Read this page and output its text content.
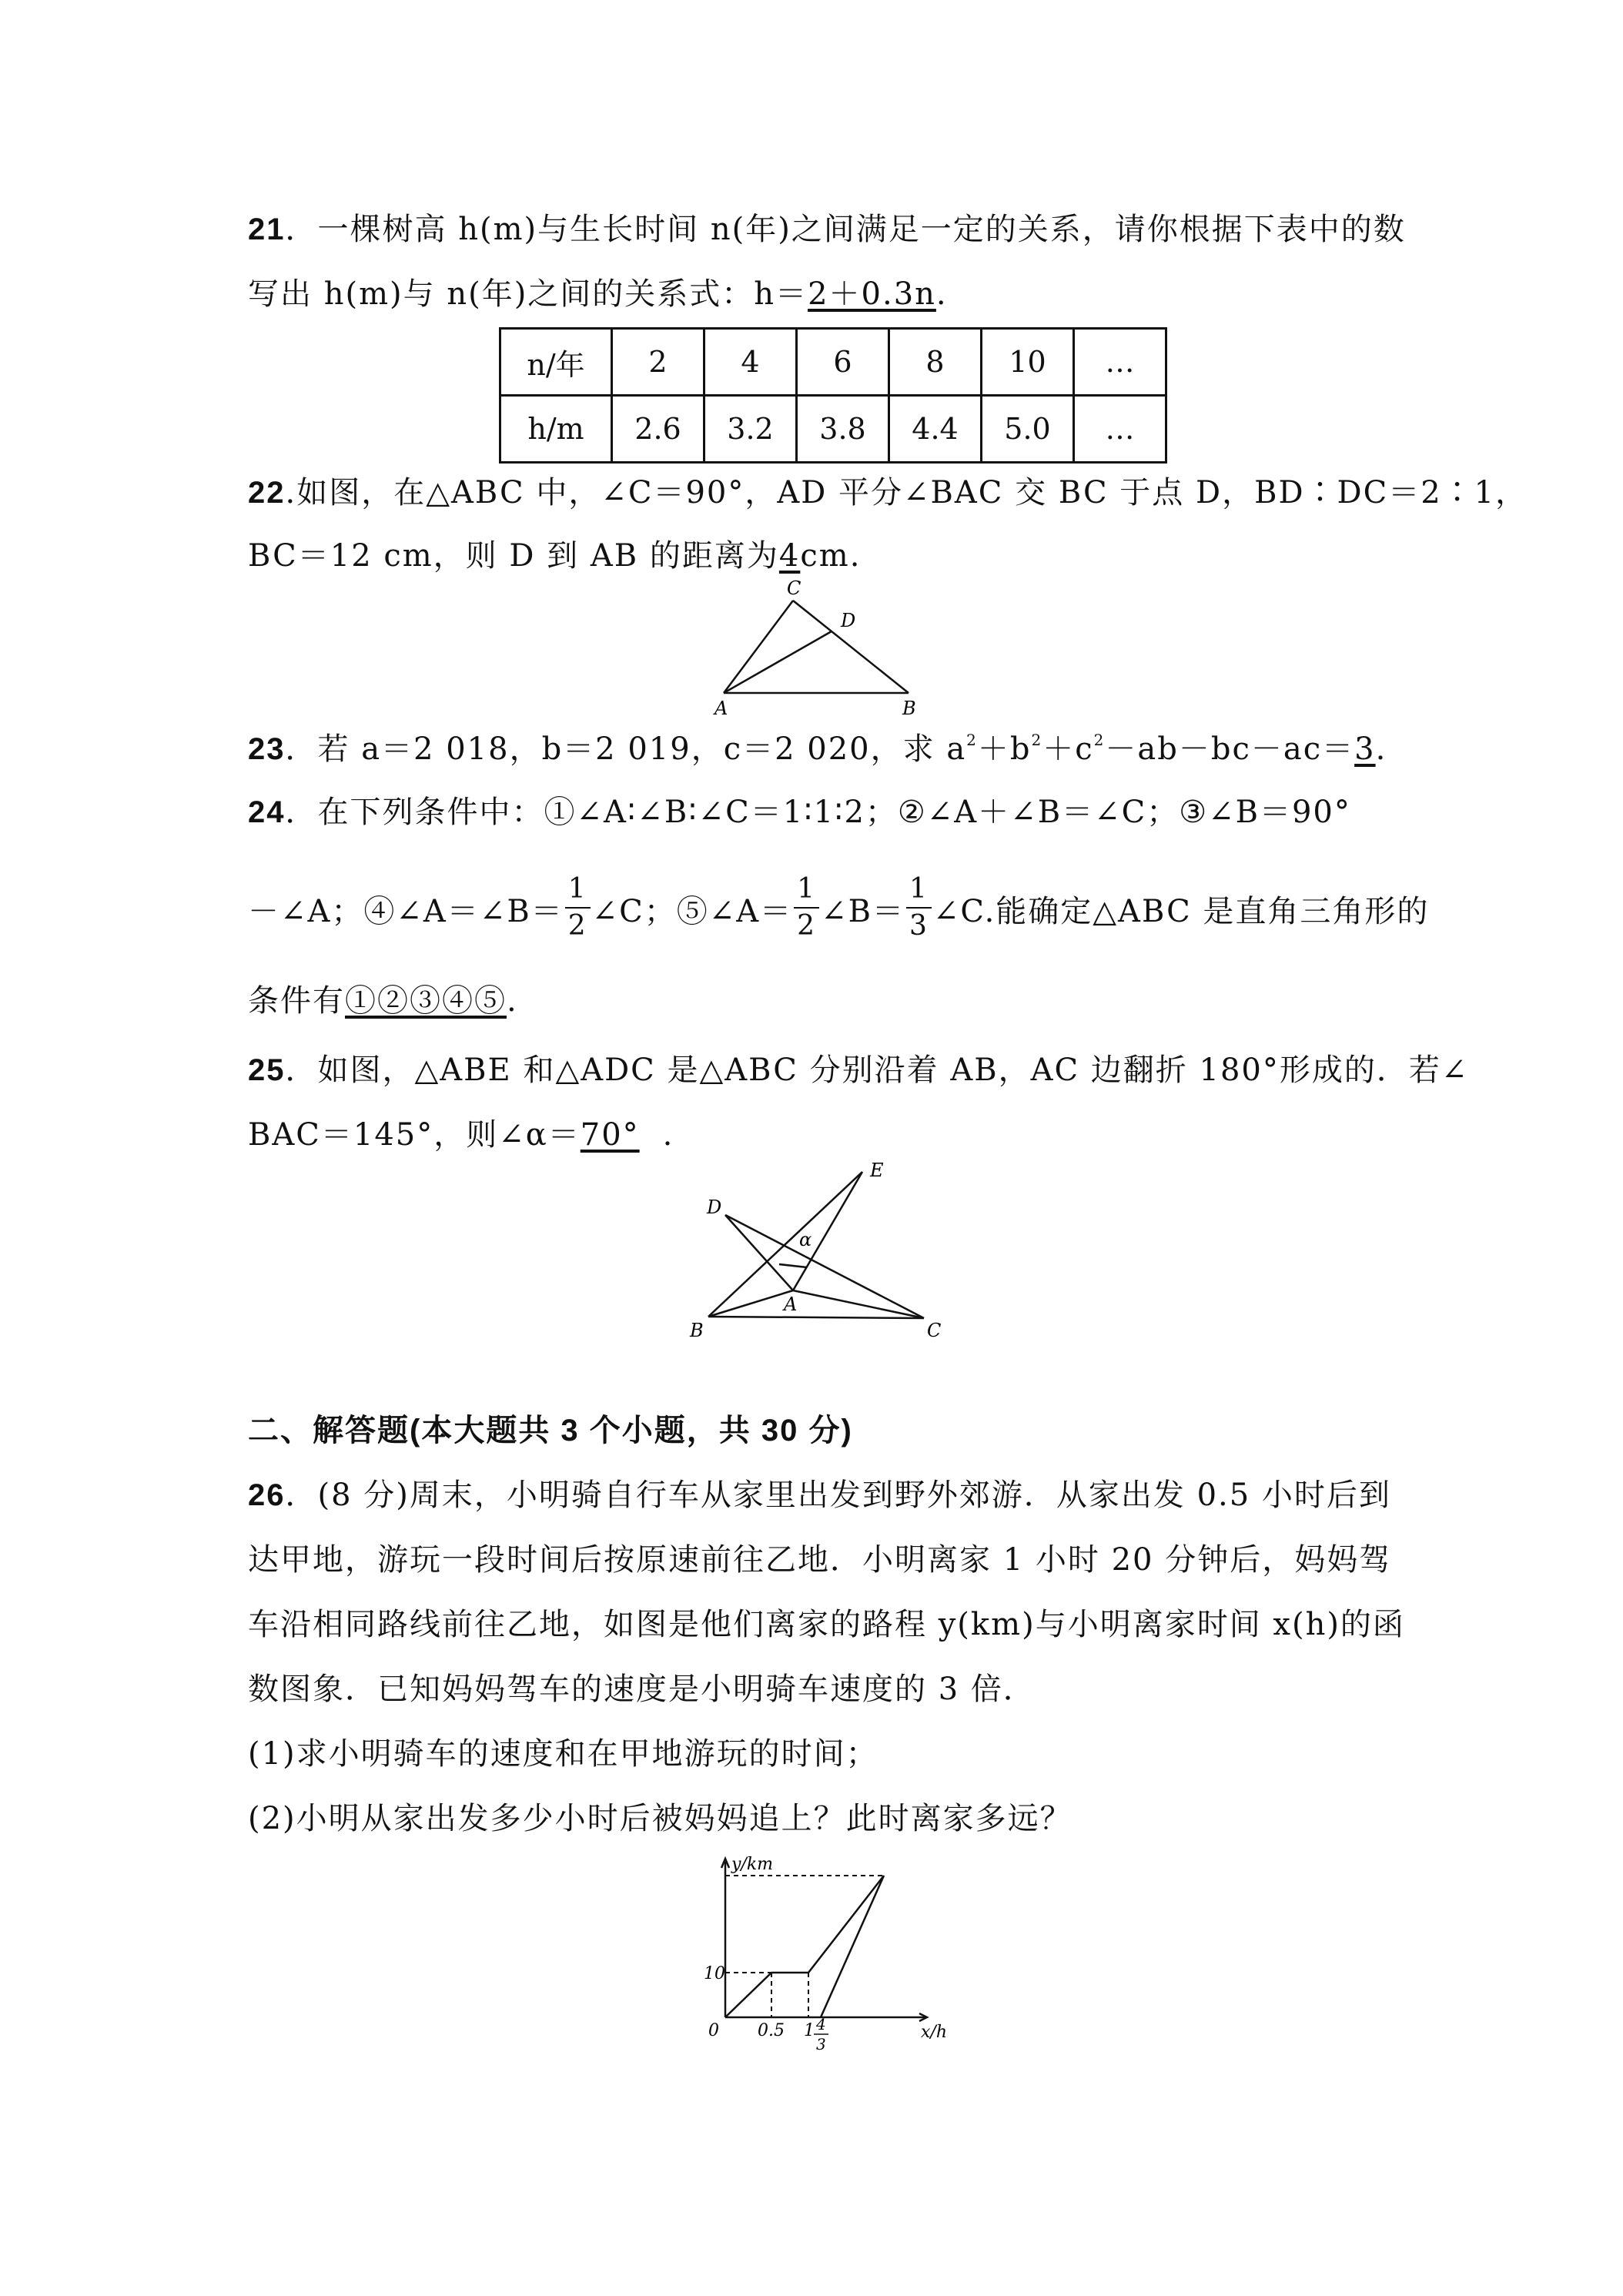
21．一棵树高 h(m)与生长时间 n(年)之间满足一定的关系，请你根据下表中的数
写出 h(m)与 n(年)之间的关系式：h＝2＋0.3n.
n/年	2	4	6	8	10	…
h/m	2.6	3.2	3.8	4.4	5.0	…
22.如图，在△ABC 中，∠C＝90°，AD 平分∠BAC 交 BC 于点 D，BD∶DC＝2∶1，
BC＝12 cm，则 D 到 AB 的距离为4cm.
C
D
A	B
23．若 a＝2 018，b＝2 019，c＝2 020，求 $a^2+b^2+c^2-ab-bc-ac=3$.
24．在下列条件中：①∠A∶∠B∶∠C＝1∶1∶2；②∠A＋∠B＝∠C；③∠B＝90°
－∠A；④∠A＝∠B＝ $\frac{1}{2}$ ∠C；⑤∠A＝ $\frac{1}{2}$ ∠B＝ $\frac{1}{3}$ ∠C.能确定△ABC 是直角三角形的
条件有①②③④⑤.
25．如图，△ABE 和△ADC 是△ABC 分别沿着 AB，AC 边翻折 180°形成的．若∠
BAC＝145°，则∠α＝70° .
D
E
A
α
B	C
二、解答题(本大题共 3 个小题，共 30 分)
26．(8 分)周末，小明骑自行车从家里出发到野外郊游．从家出发 0.5 小时后到
达甲地，游玩一段时间后按原速前往乙地．小明离家 1 小时 20 分钟后，妈妈驾
车沿相同路线前往乙地，如图是他们离家的路程 y(km)与小明离家时间 x(h)的函
数图象．已知妈妈驾车的速度是小明骑车速度的 3 倍．
(1)求小明骑车的速度和在甲地游玩的时间；
(2)小明从家出发多少小时后被妈妈追上？此时离家多远？
y/km
10
0 0.5 1 4
3
x/h
